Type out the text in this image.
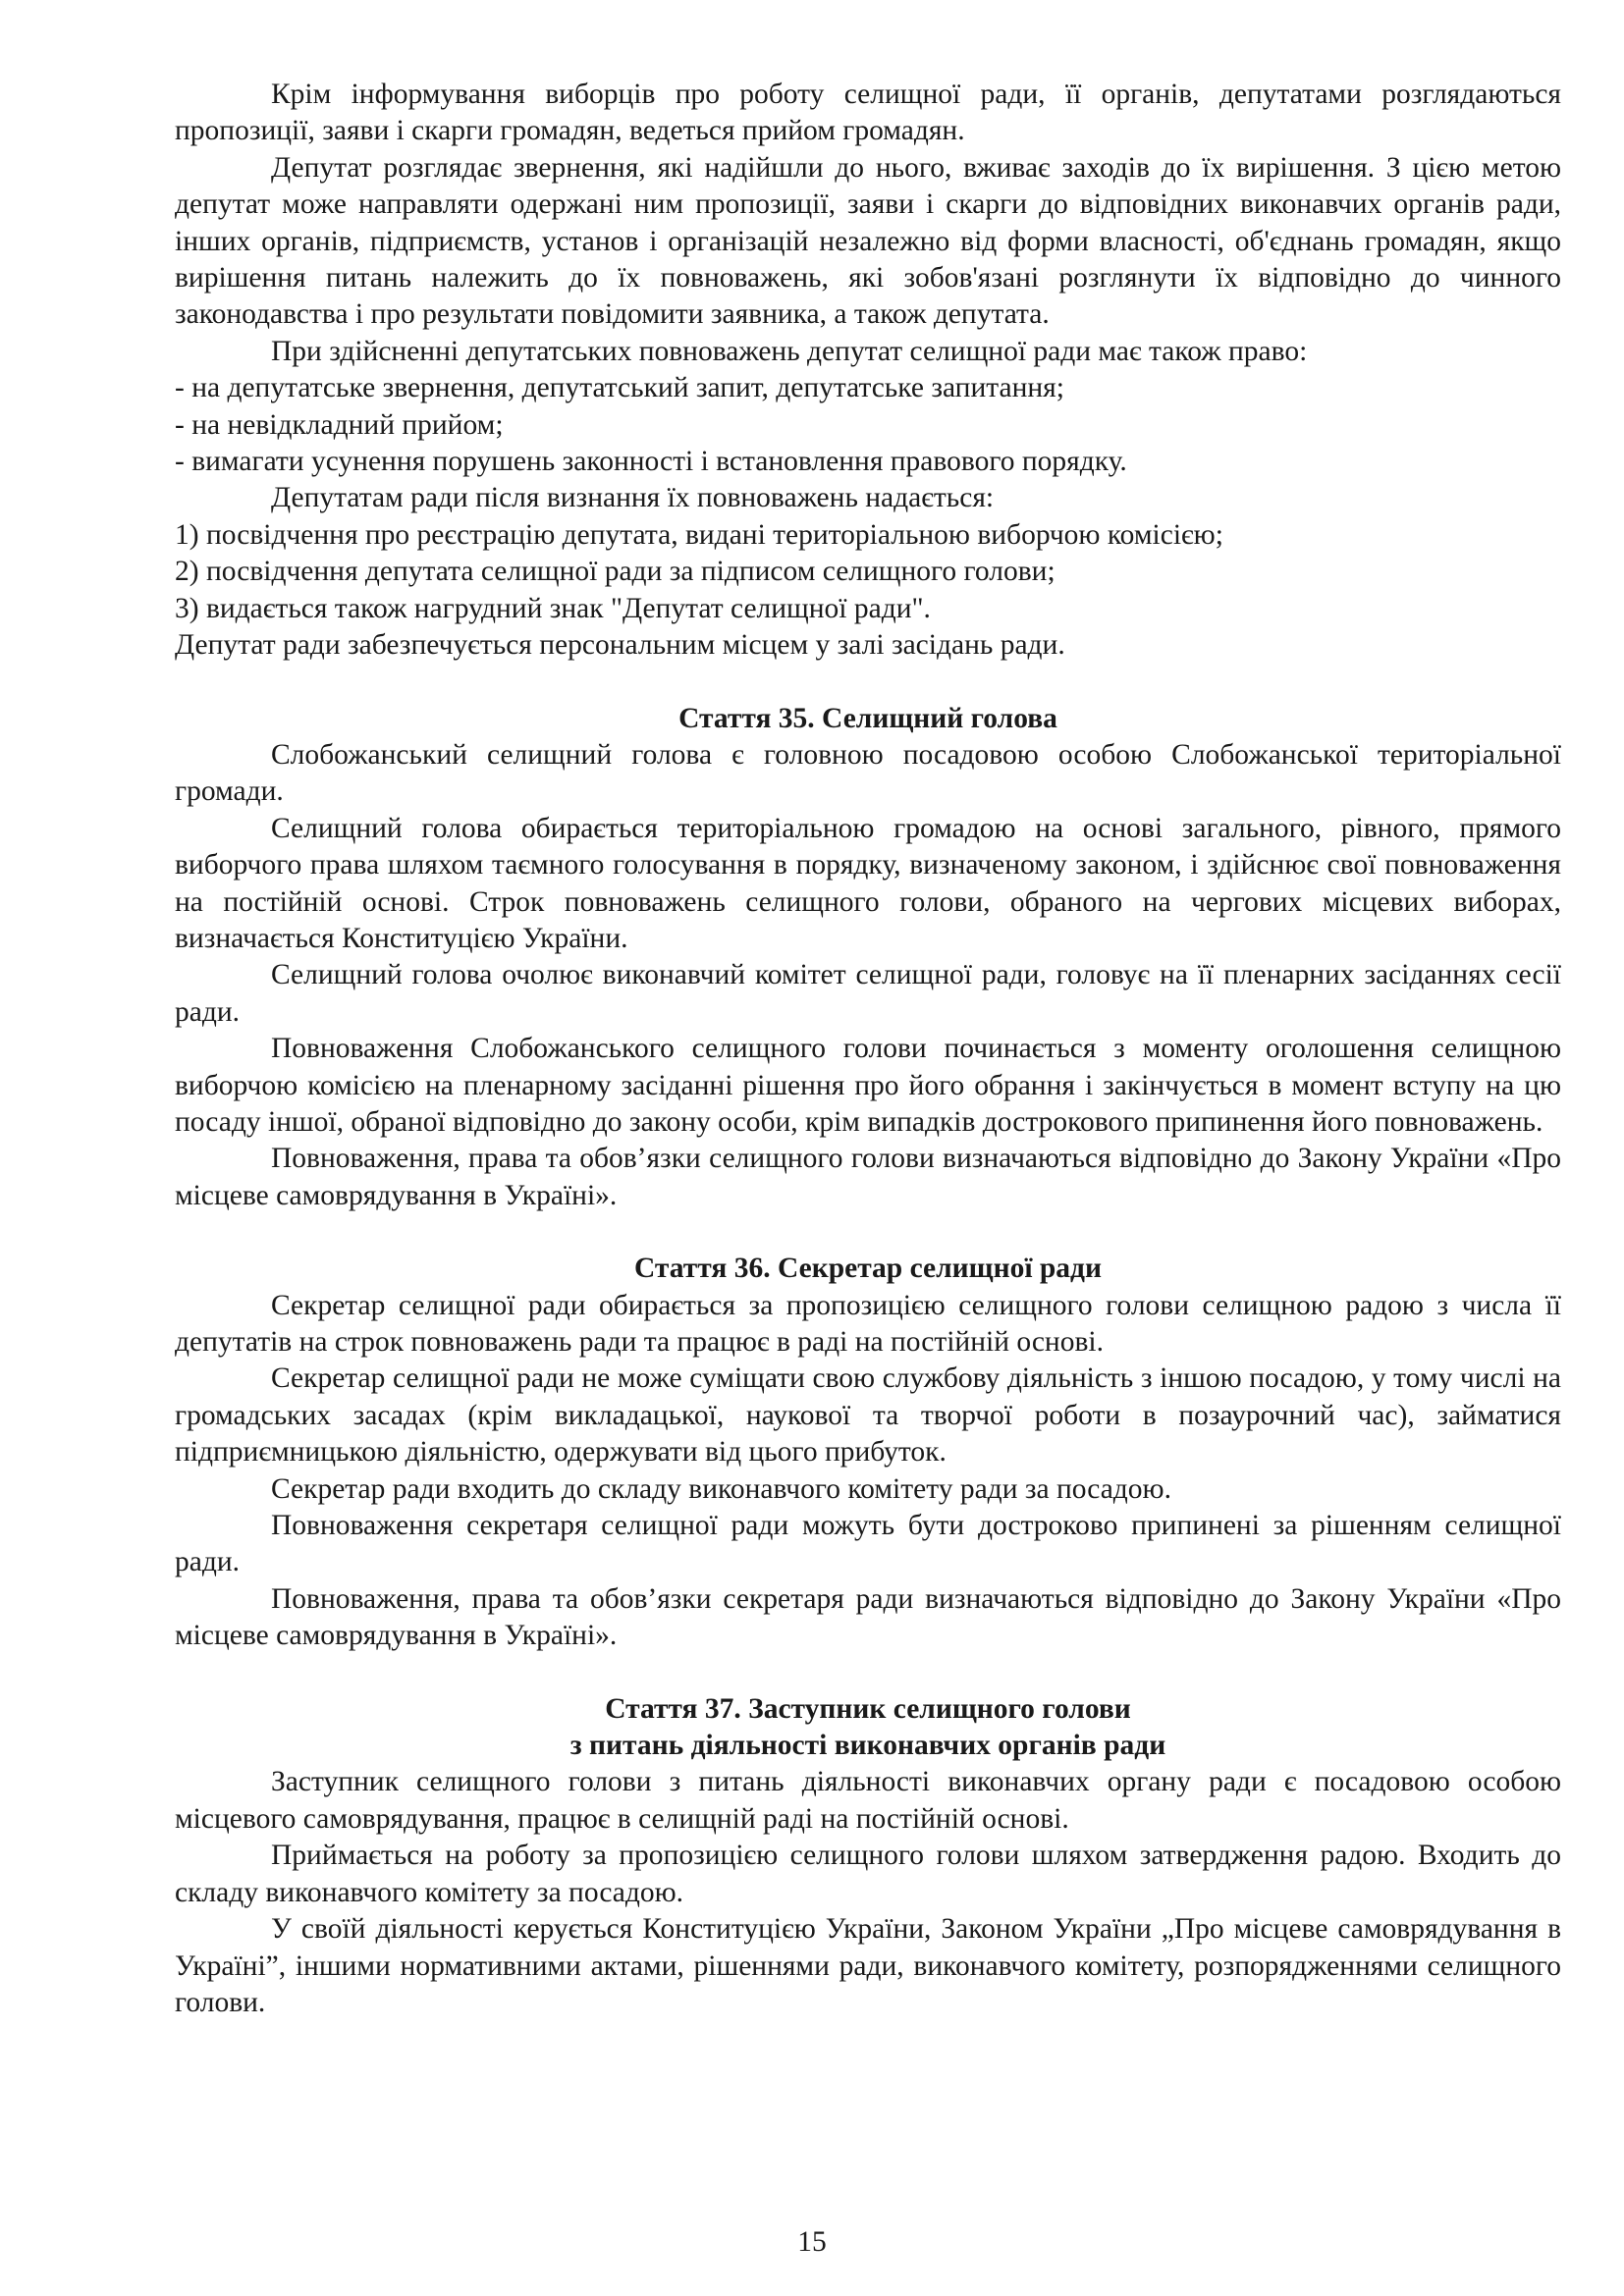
Крім інформування виборців про роботу селищної ради, її органів, депутатами розглядаються пропозиції, заяви і скарги громадян, ведеться прийом громадян.

Депутат розглядає звернення, які надійшли до нього, вживає заходів до їх вирішення. З цією метою депутат може направляти одержані ним пропозиції, заяви і скарги до відповідних виконавчих органів ради, інших органів, підприємств, установ і організацій незалежно від форми власності, об'єднань громадян, якщо вирішення питань належить до їх повноважень, які зобов'язані розглянути їх відповідно до чинного законодавства і про результати повідомити заявника, а також депутата.

При здійсненні депутатських повноважень депутат селищної ради має також право:

- на депутатське звернення, депутатський запит, депутатське запитання;

- на невідкладний прийом;

- вимагати усунення порушень законності і встановлення правового порядку.

Депутатам ради після визнання їх повноважень надається:

1) посвідчення про реєстрацію депутата, видані територіальною виборчою комісією;

2) посвідчення депутата селищної ради за підписом селищного голови;

3) видається також нагрудний знак "Депутат селищної ради".

Депутат ради забезпечується персональним місцем у залі засідань ради.

Стаття 35. Селищний голова

Слобожанський селищний голова є головною посадовою особою Слобожанської територіальної громади.

Селищний голова обирається територіальною громадою на основі загального, рівного, прямого виборчого права шляхом таємного голосування в порядку, визначеному законом, і здійснює свої повноваження на постійній основі. Строк повноважень селищного голови, обраного на чергових місцевих виборах, визначається Конституцією України.

Селищний голова очолює виконавчий комітет селищної ради, головує на її пленарних засіданнях сесії ради.

Повноваження Слобожанського селищного голови починається з моменту оголошення селищною виборчою комісією на пленарному засіданні рішення про його обрання і закінчується в момент вступу на цю посаду іншої, обраної відповідно до закону особи, крім випадків дострокового припинення його повноважень.

Повноваження, права та обов’язки селищного голови визначаються відповідно до Закону України «Про місцеве самоврядування в Україні».

Стаття 36. Секретар селищної ради

Секретар селищної ради обирається за пропозицією селищного голови селищною радою з числа її депутатів на строк повноважень ради та працює в раді на постійній основі.

Секретар селищної ради не може суміщати свою службову діяльність з іншою посадою, у тому числі на громадських засадах (крім викладацької, наукової та творчої роботи в позаурочний час), займатися підприємницькою діяльністю, одержувати від цього прибуток.

Секретар ради входить до складу виконавчого комітету ради за посадою.

Повноваження секретаря селищної ради можуть бути достроково припинені за рішенням селищної ради.

Повноваження, права та обов’язки секретаря ради визначаються відповідно до Закону України «Про місцеве самоврядування в Україні».

Стаття 37. Заступник селищного голови

з питань діяльності виконавчих органів ради

Заступник селищного голови з питань діяльності виконавчих органу ради є посадовою особою місцевого самоврядування, працює в селищній раді на постійній основі.

Приймається на роботу за пропозицією селищного голови шляхом затвердження радою. Входить до складу виконавчого комітету за посадою.

У своїй діяльності керується Конституцією України, Законом України „Про місцеве самоврядування в Україні”, іншими нормативними актами, рішеннями ради, виконавчого комітету, розпорядженнями селищного голови.

15
